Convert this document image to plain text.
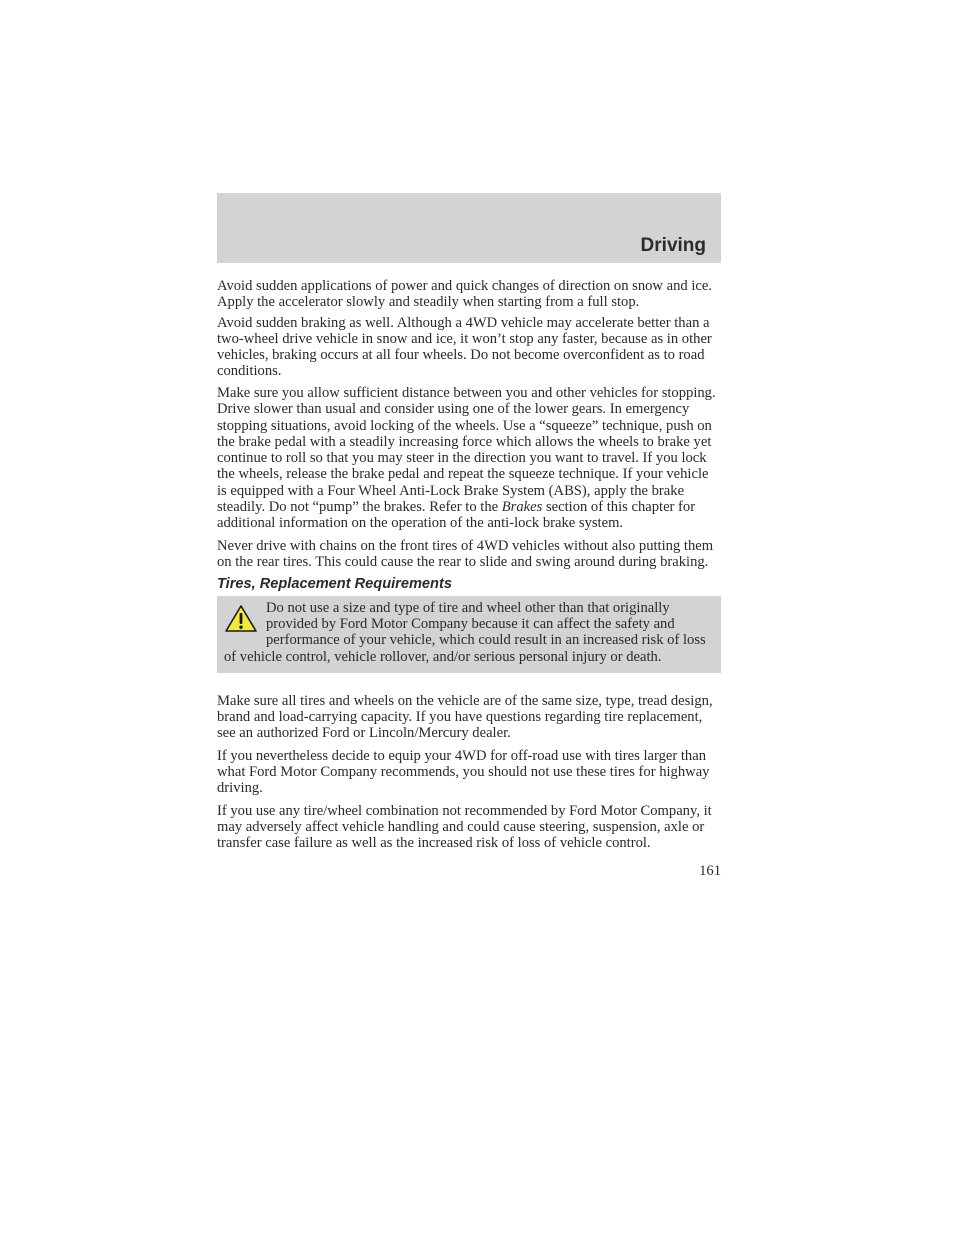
Driving

Avoid sudden applications of power and quick changes of direction on snow and ice. Apply the accelerator slowly and steadily when starting from a full stop.

Avoid sudden braking as well. Although a 4WD vehicle may accelerate better than a two-wheel drive vehicle in snow and ice, it won’t stop any faster, because as in other vehicles, braking occurs at all four wheels. Do not become overconfident as to road conditions.

Make sure you allow sufficient distance between you and other vehicles for stopping. Drive slower than usual and consider using one of the lower gears. In emergency stopping situations, avoid locking of the wheels. Use a “squeeze” technique, push on the brake pedal with a steadily increasing force which allows the wheels to brake yet continue to roll so that you may steer in the direction you want to travel. If you lock the wheels, release the brake pedal and repeat the squeeze technique. If your vehicle is equipped with a Four Wheel Anti-Lock Brake System (ABS), apply the brake steadily. Do not “pump” the brakes. Refer to the Brakes section of this chapter for additional information on the operation of the anti-lock brake system.

Never drive with chains on the front tires of 4WD vehicles without also putting them on the rear tires. This could cause the rear to slide and swing around during braking.

Tires, Replacement Requirements

Do not use a size and type of tire and wheel other than that originally provided by Ford Motor Company because it can affect the safety and performance of your vehicle, which could result in an increased risk of loss of vehicle control, vehicle rollover, and/or serious personal injury or death.

Make sure all tires and wheels on the vehicle are of the same size, type, tread design, brand and load-carrying capacity. If you have questions regarding tire replacement, see an authorized Ford or Lincoln/Mercury dealer.

If you nevertheless decide to equip your 4WD for off-road use with tires larger than what Ford Motor Company recommends, you should not use these tires for highway driving.

If you use any tire/wheel combination not recommended by Ford Motor Company, it may adversely affect vehicle handling and could cause steering, suspension, axle or transfer case failure as well as the increased risk of loss of vehicle control.

161
